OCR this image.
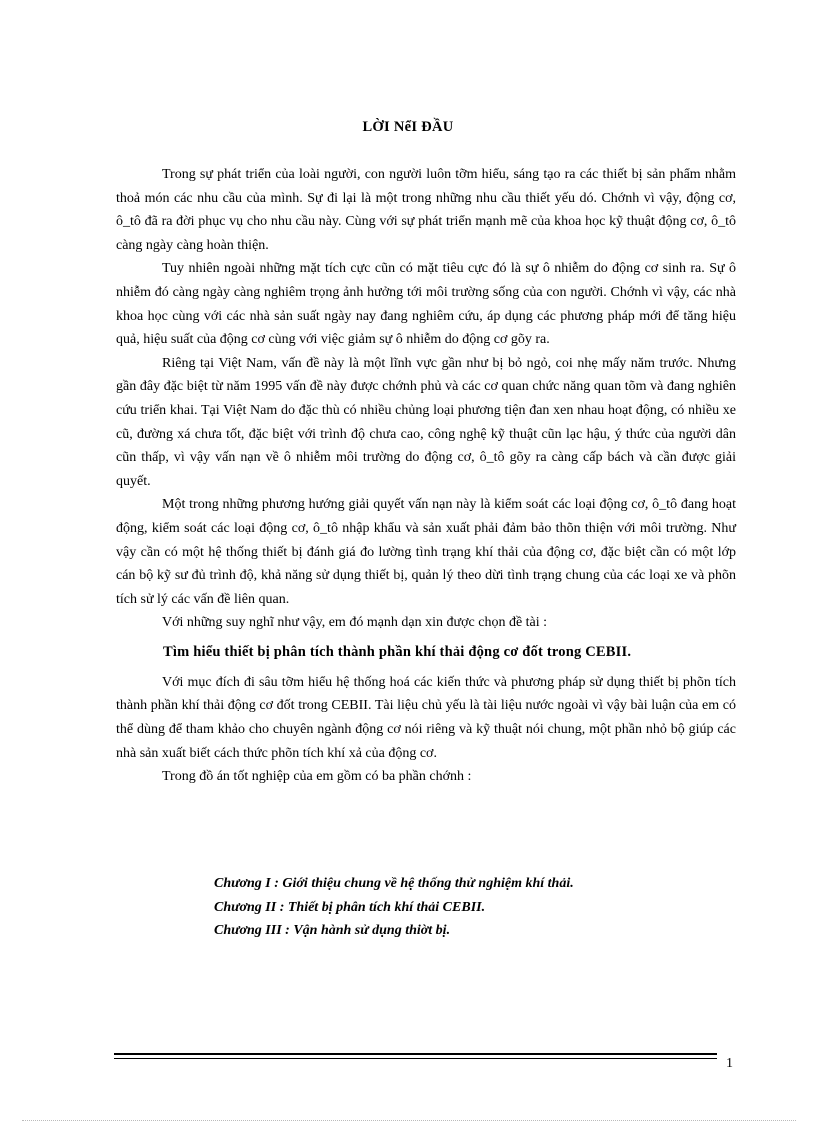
LỜI NểI ĐẦU

Trong sự phát triển của loài người, con người luôn tỡm hiểu, sáng tạo ra các thiết bị sản phẩm nhằm thoả món các nhu cầu của mình. Sự đi lại là một trong những nhu cầu thiết yếu dó. Chớnh vì vậy, động cơ, ô_tô đã ra đời phục vụ cho nhu cầu này. Cùng với sự phát triển mạnh mẽ của khoa học kỹ thuật động cơ, ô_tô càng ngày càng hoàn thiện.

Tuy nhiên ngoài những mặt tích cực cũn có mặt tiêu cực đó là sự ô nhiễm do động cơ sinh ra. Sự ô nhiễm đó càng ngày càng nghiêm trọng ảnh hưởng tới môi trường sống của con người. Chớnh vì vậy, các nhà khoa học cùng với các nhà sản suất ngày nay đang nghiêm cứu, áp dụng các phương pháp mới để tăng hiệu quả, hiệu suất của động cơ cùng với việc giảm sự ô nhiễm do động cơ gõy ra.

Riêng tại Việt Nam, vấn đề này là một lĩnh vực gần như bị bỏ ngỏ, coi nhẹ mấy năm trước. Nhưng gần đây đặc biệt từ năm 1995 vấn đề này được chớnh phủ và các cơ quan chức năng quan tõm và đang nghiên cứu triển khai. Tại Việt Nam do đặc thù có nhiều chủng loại phương tiện đan xen nhau hoạt động, có nhiều xe cũ, đường xá chưa tốt, đặc biệt với trình độ chưa cao, công nghệ kỹ thuật cũn lạc hậu, ý thức của người dân cũn thấp, vì vậy vấn nạn về ô nhiễm môi trường do động cơ, ô_tô gõy ra càng cấp bách và cần được giải quyết.

Một trong những phương hướng giải quyết vấn nạn này là kiểm soát các loại động cơ, ô_tô đang hoạt động, kiểm soát các loại động cơ, ô_tô nhập khẩu và sản xuất phải đảm bảo thõn thiện với môi trường. Như vậy cần có một hệ thống thiết bị đánh giá đo lường tình trạng khí thải của động cơ, đặc biệt cần có một lớp cán bộ kỹ sư đủ trình độ, khả năng sử dụng thiết bị, quản lý theo dừi tình trạng chung của các loại xe và phõn tích sử lý các vấn đề liên quan.

Với những suy nghĩ như vậy, em đó mạnh dạn xin được chọn đề tài :

Tìm hiểu thiết bị phân tích thành phần khí thải động cơ đốt trong CEBII.

Với mục đích đi sâu tỡm hiểu hệ thống hoá các kiến thức và phương pháp sử dụng thiết bị phõn tích thành phần khí thải động cơ đốt trong CEBII. Tài liệu chủ yếu là tài liệu nước ngoài vì vậy bài luận của em có thể dùng để tham khảo cho chuyên ngành động cơ nói riêng và kỹ thuật nói chung, một phần nhỏ bộ giúp các nhà sản xuất biết cách thức phõn tích khí xả của động cơ.

Trong đồ án tốt nghiệp của em gồm có ba phần chớnh :

Chương I : Giới thiệu chung về hệ thống thử nghiệm khí thải.
Chương II : Thiết bị phân tích khí thải CEBII.
Chương III : Vận hành sử dụng thiờt bị.
1
